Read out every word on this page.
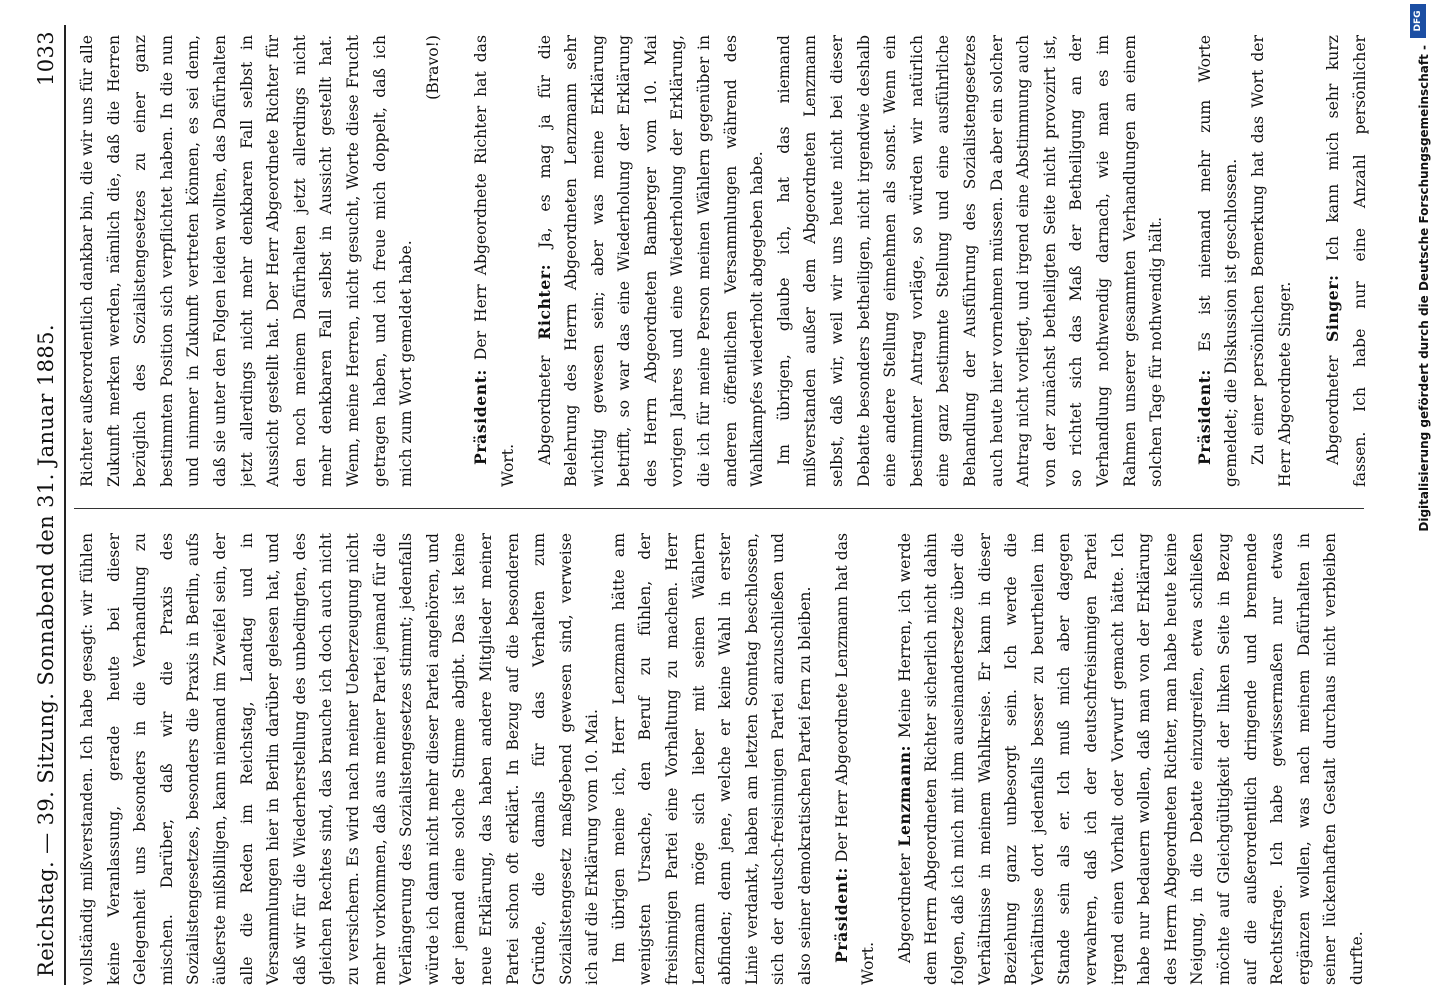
Reichstag. — 39. Sitzung. Sonnabend den 31. Januar 1885.
1033

vollständig mißverstanden. Ich habe gesagt: wir fühlen keine Veranlassung, gerade heute bei dieser Gelegenheit uns besonders in die Verhandlung zu mischen. Darüber, daß wir die Praxis des Sozialistengesetzes, besonders die Praxis in Berlin, aufs äußerste mißbilligen, kann niemand im Zweifel sein, der alle die Reden im Reichstag, Landtag und in Versammlungen hier in Berlin darüber gelesen hat, und daß wir für die Wiederherstellung des unbedingten, des gleichen Rechtes sind, das brauche ich doch auch nicht zu versichern. Es wird nach meiner Ueberzeugung nicht mehr vorkommen, daß aus meiner Partei jemand für die Verlängerung des Sozialistengesetzes stimmt; jedenfalls würde ich dann nicht mehr dieser Partei angehören, und der jemand eine solche Stimme abgibt. Das ist keine neue Erklärung, das haben andere Mitglieder meiner Partei schon oft erklärt. In Bezug auf die besonderen Gründe, die damals für das Verhalten zum Sozialistengesetz maßgebend gewesen sind, verweise ich auf die Erklärung vom 10. Mai. Im übrigen meine ich, Herr Lenzmann hätte am wenigsten Ursache, den Beruf zu fühlen, der freisinnigen Partei eine Vorhaltung zu machen. Herr Lenzmann möge sich lieber mit seinen Wählern abfinden; denn jene, welche er keine Wahl in erster Linie verdankt, haben am letzten Sonntag beschlossen, sich der deutsch-freisinnigen Partei anzuschließen und also seiner demokratischen Partei fern zu bleiben. Präsident: Der Herr Abgeordnete Lenzmann hat das Wort.

Abgeordneter Lenzmann: Meine Herren, ich werde dem Herrn Abgeordneten Richter sicherlich nicht dahin folgen, daß ich mich mit ihm auseinandersetze über die Verhältnisse in meinem Wahlkreise. Er kann in dieser Beziehung ganz unbesorgt sein. Ich werde die Verhältnisse dort jedenfalls besser zu beurtheilen im Stande sein als er. Ich muß mich aber dagegen verwahren, daß ich der deutschfreisinnigen Partei irgend einen Vorhalt oder Vorwurf gemacht hätte. Ich habe nur bedauern wollen, daß man von der Erklärung des Herrn Abgeordneten Richter, man habe heute keine Neigung, in die Debatte einzugreifen, etwa schließen möchte auf Gleichgültigkeit der linken Seite in Bezug auf die außerordentlich dringende und brennende Rechtsfrage. Ich habe gewissermaßen nur etwas ergänzen wollen, was nach meinem Dafürhalten in seiner lückenhaften Gestalt durchaus nicht verbleiben durfte.

Richter außerordentlich dankbar bin, die wir uns für alle Zukunft merken werden, nämlich die, daß die Herren bezüglich des Sozialistengesetzes zu einer ganz bestimmten Position sich verpflichtet haben. In die nun und nimmer in Zukunft vertreten können, es sei denn, daß sie unter den Folgen leiden wollten, das Dafürhalten jetzt allerdings nicht mehr denkbaren Fall selbst in Aussicht gestellt hat. Der Herr Abgeordnete Richter für den noch meinem Dafürhalten jetzt allerdings nicht mehr denkbaren Fall selbst in Aussicht gestellt hat. Wenn, meine Herren, nicht gesucht, Worte diese Frucht getragen haben, und ich freue mich doppelt, daß ich mich zum Wort gemeldet habe.

(Bravo!)

Präsident: Der Herr Abgeordnete Richter hat das Wort.

Abgeordneter Richter: Ja, es mag ja für die Belehrung des Herrn Abgeordneten Lenzmann sehr wichtig gewesen sein; aber was meine Erklärung betrifft, so war das eine Wiederholung der Erklärung des Herrn Abgeordneten Bamberger vom 10. Mai vorigen Jahres und eine Wiederholung der Erklärung, die ich für meine Person meinen Wählern gegenüber in anderen öffentlichen Versammlungen während des Wahlkampfes wiederholt abgegeben habe. Im übrigen, glaube ich, hat das niemand mißverstanden außer dem Abgeordneten Lenzmann selbst, daß wir, weil wir uns heute nicht bei dieser Debatte besonders betheiligen, nicht irgendwie deshalb eine andere Stellung einnehmen als sonst. Wenn ein bestimmter Antrag vorläge, so würden wir natürlich eine ganz bestimmte Stellung und eine ausführliche Behandlung der Ausführung des Sozialistengesetzes auch heute hier vornehmen müssen. Da aber ein solcher Antrag nicht vorliegt, und irgend eine Abstimmung auch von der zunächst betheiligten Seite nicht provozirt ist, so richtet sich das Maß der Betheiligung an der Verhandlung nothwendig darnach, wie man es im Rahmen unserer gesammten Verhandlungen an einem solchen Tage für nothwendig hält. Präsident: Es ist niemand mehr zum Worte gemeldet; die Diskussion ist geschlossen. Zu einer persönlichen Bemerkung hat das Wort der Herr Abgeordnete Singer. Abgeordneter Singer: Ich kann mich sehr kurz fassen. Ich habe nur eine Anzahl persönlicher	Digitalisierung gefördert durch die Deutsche Forschungsgemeinschaft -
DFG
